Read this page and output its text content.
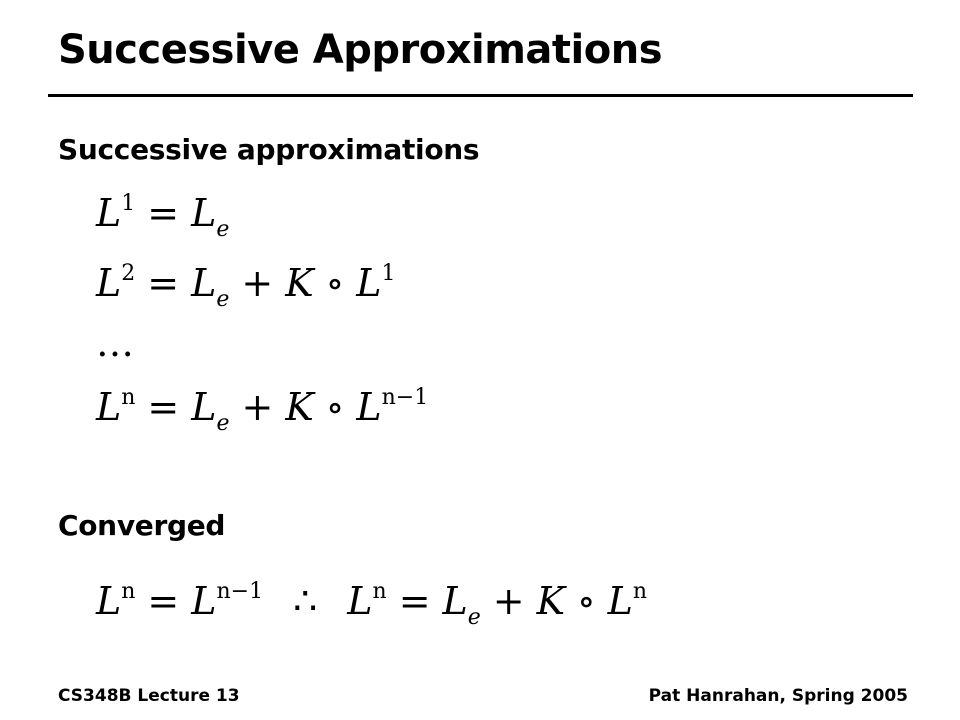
Successive Approximations
Successive approximations
$L^1 = L_e$
$L^2 = L_e + K$ ∘ $L^1$
…
$L^n = L_e + K$ ∘ $L^{n-1}$
Converged
$L^n = L^{n-1}$ ∴ $L^n = L_e + K$ ∘ $L^n$
CS348B Lecture 13	Pat Hanrahan, Spring 2005
